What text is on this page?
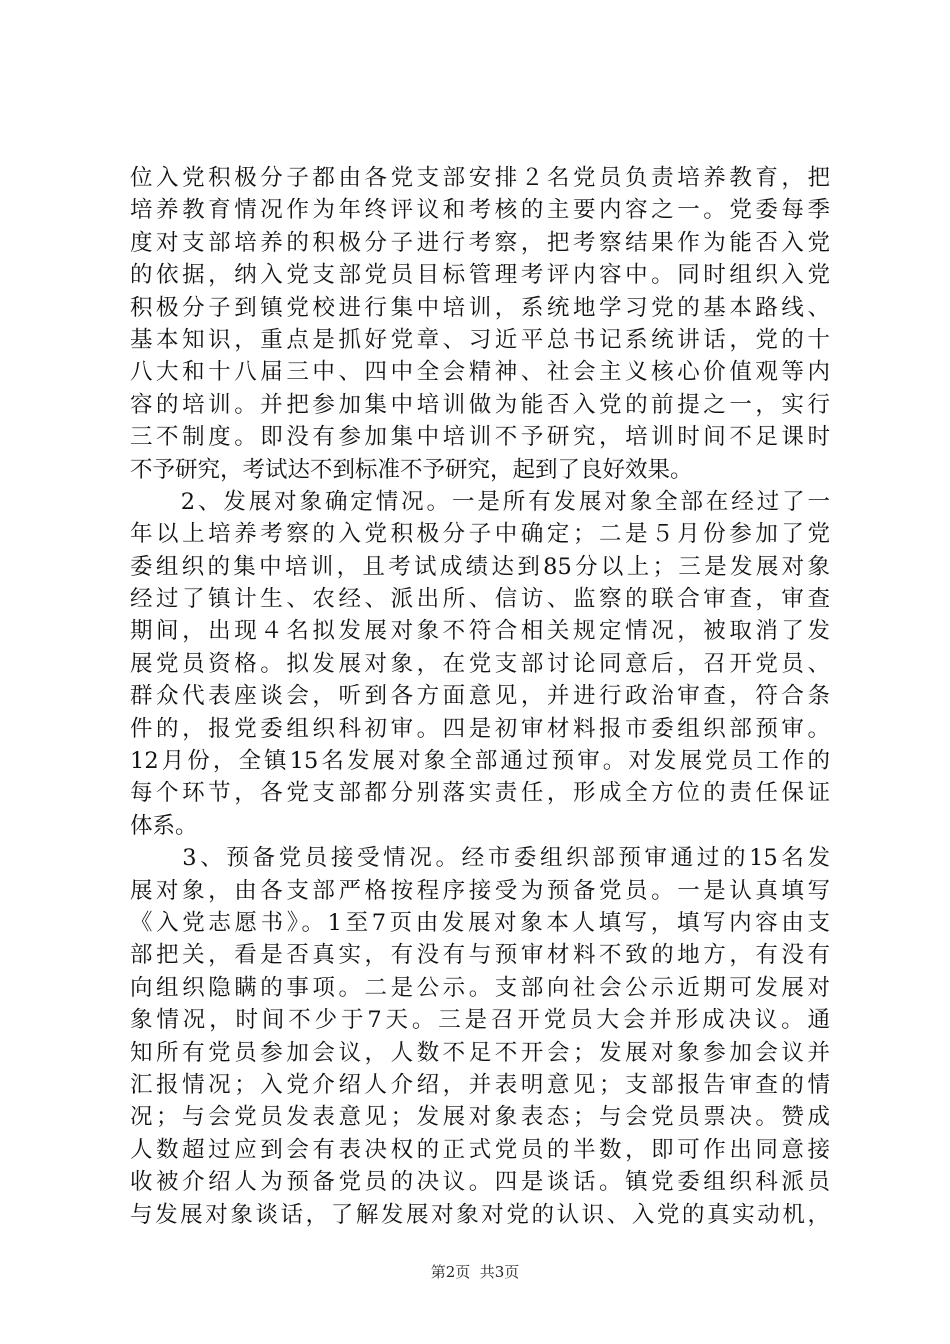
位入党积极分子都由各党支部安排２名党员负责培养教育，把
培养教育情况作为年终评议和考核的主要内容之一。党委每季
度对支部培养的积极分子进行考察，把考察结果作为能否入党
的依据，纳入党支部党员目标管理考评内容中。同时组织入党
积极分子到镇党校进行集中培训，系统地学习党的基本路线、
基本知识，重点是抓好党章、习近平总书记系统讲话，党的十
八大和十八届三中、四中全会精神、社会主义核心价值观等内
容的培训。并把参加集中培训做为能否入党的前提之一，实行
三不制度。即没有参加集中培训不予研究，培训时间不足课时
不予研究，考试达不到标准不予研究，起到了良好效果。
　　2、发展对象确定情况。一是所有发展对象全部在经过了一
年以上培养考察的入党积极分子中确定；二是５月份参加了党
委组织的集中培训，且考试成绩达到85分以上；三是发展对象
经过了镇计生、农经、派出所、信访、监察的联合审查，审查
期间，出现４名拟发展对象不符合相关规定情况，被取消了发
展党员资格。拟发展对象，在党支部讨论同意后，召开党员、
群众代表座谈会，听到各方面意见，并进行政治审查，符合条
件的，报党委组织科初审。四是初审材料报市委组织部预审。
12月份，全镇15名发展对象全部通过预审。对发展党员工作的
每个环节，各党支部都分别落实责任，形成全方位的责任保证
体系。
　　3、预备党员接受情况。经市委组织部预审通过的15名发
展对象，由各支部严格按程序接受为预备党员。一是认真填写
《入党志愿书》。1至7页由发展对象本人填写，填写内容由支
部把关，看是否真实，有没有与预审材料不致的地方，有没有
向组织隐瞒的事项。二是公示。支部向社会公示近期可发展对
象情况，时间不少于7天。三是召开党员大会并形成决议。通
知所有党员参加会议，人数不足不开会；发展对象参加会议并
汇报情况；入党介绍人介绍，并表明意见；支部报告审查的情
况；与会党员发表意见；发展对象表态；与会党员票决。赞成
人数超过应到会有表决权的正式党员的半数，即可作出同意接
收被介绍人为预备党员的决议。四是谈话。镇党委组织科派员
与发展对象谈话，了解发展对象对党的认识、入党的真实动机，
第2页  共3页
